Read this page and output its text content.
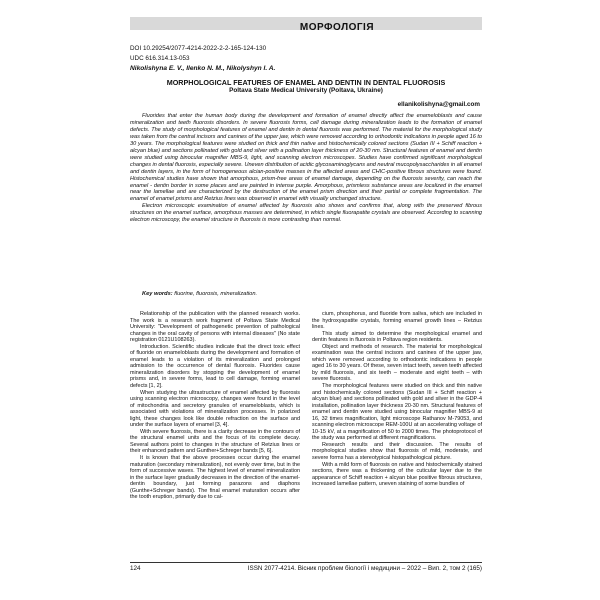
МОРФОЛОГІЯ
DOI 10.29254/2077-4214-2022-2-2-165-124-130
UDC 616.314.13-053
Nikolishyna E. V., Ilenko N. M., Nikolyshyn I. A.
MORPHOLOGICAL FEATURES OF ENAMEL AND DENTIN IN DENTAL FLUOROSIS
Poltava State Medical University (Poltava, Ukraine)
ellanikolishyna@gmail.com

Fluorides that enter the human body during the development and formation of enamel directly affect the enameloblasts and cause mineralization and teeth fluorosis disorders. In severe fluorosis forms, cell damage during mineralization leads to the formation of enamel defects. The study of morphological features of enamel and dentin in dental fluorosis was performed. The material for the morphological study was taken from the central incisors and canines of the upper jaw, which were removed according to orthodontic indications in people aged 16 to 30 years. The morphological features were studied on thick and thin native and histochemically colored sections (Sudan III + Schiff reaction + alcyan blue) and sections pollinated with gold and silver with a pollination layer thickness of 20-30 nm. Structural features of enamel and dentin were studied using binocular magnifier MBS-9, light, and scanning electron microscopes. Studies have confirmed significant morphological changes in dental fluorosis, especially severe. Uneven distribution of acidic glycosaminoglycans and neutral mucopolysaccharides in all enamel and dentin layers, in the form of homogeneous alcian-positive masses in the affected areas and CHIC-positive fibrous structures were found. Histochemical studies have shown that amorphous, prism-free areas of enamel damage, depending on the fluorosis severity, can reach the enamel - dentin border in some places and are painted in intense purple. Amorphous, prismless substance areas are localized in the enamel near the lamellae and are characterized by the destruction of the enamel prism direction and their partial or complete fragmentation. The enamel of enamel prisms and Retzius lines was observed in enamel with visually unchanged structure.

Electron microscopic examination of enamel affected by fluorosis also shows and confirms that, along with the preserved fibrous structures on the enamel surface, amorphous masses are determined, in which single fluorapatite crystals are observed. According to scanning electron microscopy, the enamel structure in fluorosis is more contrasting than normal.

Key words: fluorine, fluorosis, mineralization.

Relationship of the publication with the planned research works. The work is a research work fragment of Poltava State Medical University: "Development of pathogenetic prevention of pathological changes in the oral cavity of persons with internal diseases" (No state registration 0121U108263).

Introduction. Scientific studies indicate that the direct toxic effect of fluoride on enameloblasts during the development and formation of enamel leads to a violation of its mineralization and prolonged admission to the occurrence of dental fluorosis. Fluorides cause mineralization disorders by stopping the development of enamel prisms and, in severe forms, lead to cell damage, forming enamel defects [1, 2].

When studying the ultrastructure of enamel affected by fluorosis using scanning electron microscopy, changes were found in the level of mitochondria and secretory granules of enameloblasts, which is associated with violations of mineralization processes. In polarized light, these changes look like double refraction on the surface and under the surface layers of enamel [3, 4].

With severe fluorosis, there is a clarity decrease in the contours of the structural enamel units and the focus of its complete decay. Several authors point to changes in the structure of Retzius lines or their enhanced pattern and Gunther+Schreger bands [5, 6].

It is known that the above processes occur during the enamel maturation (secondary mineralization), not evenly over time, but in the form of successive waves. The highest level of enamel mineralization in the surface layer gradually decreases in the direction of the enamel-dentin boundary, just forming parazons and diaphons (Gunthe+Schreger bands). The final enamel maturation occurs after the tooth eruption, primarily due to cal-

cium, phosphorus, and fluoride from saliva, which are included in the hydroxyapatite crystals, forming enamel growth lines – Retzius lines.

This study aimed to determine the morphological enamel and dentin features in fluorosis in Poltava region residents.

Object and methods of research. The material for morphological examination was the central incisors and canines of the upper jaw, which were removed according to orthodontic indications in people aged 16 to 30 years. Of these, seven intact teeth, seven teeth affected by mild fluorosis, and six teeth – moderate and eight teeth – with severe fluorosis.

The morphological features were studied on thick and thin native and histochemically colored sections (Sudan III + Schiff reaction + alcyan blue) and sections pollinated with gold and silver in the GDP-4 installation, pollination layer thickness 20-30 nm. Structural features of enamel and dentin were studied using binocular magnifier MBS-9 at 16, 32 times magnification, light microscope Rathanov M-79053, and scanning electron microscope REM-100U at an accelerating voltage of 10-15 kV, at a magnification of 50 to 2000 times. The photoprotocol of the study was performed at different magnifications.

Research results and their discussion. The results of morphological studies show that fluorosis of mild, moderate, and severe forms has a stereotypical histopathological picture.

With a mild form of fluorosis on native and histochemically stained sections, there was a thickening of the cuticular layer due to the appearance of Schiff reaction + alcyan blue positive fibrous structures, increased lamellae pattern, uneven staining of some bundles of

124	ISSN 2077-4214. Вісник проблем біології і медицини – 2022 – Вип. 2, том 2 (165)
